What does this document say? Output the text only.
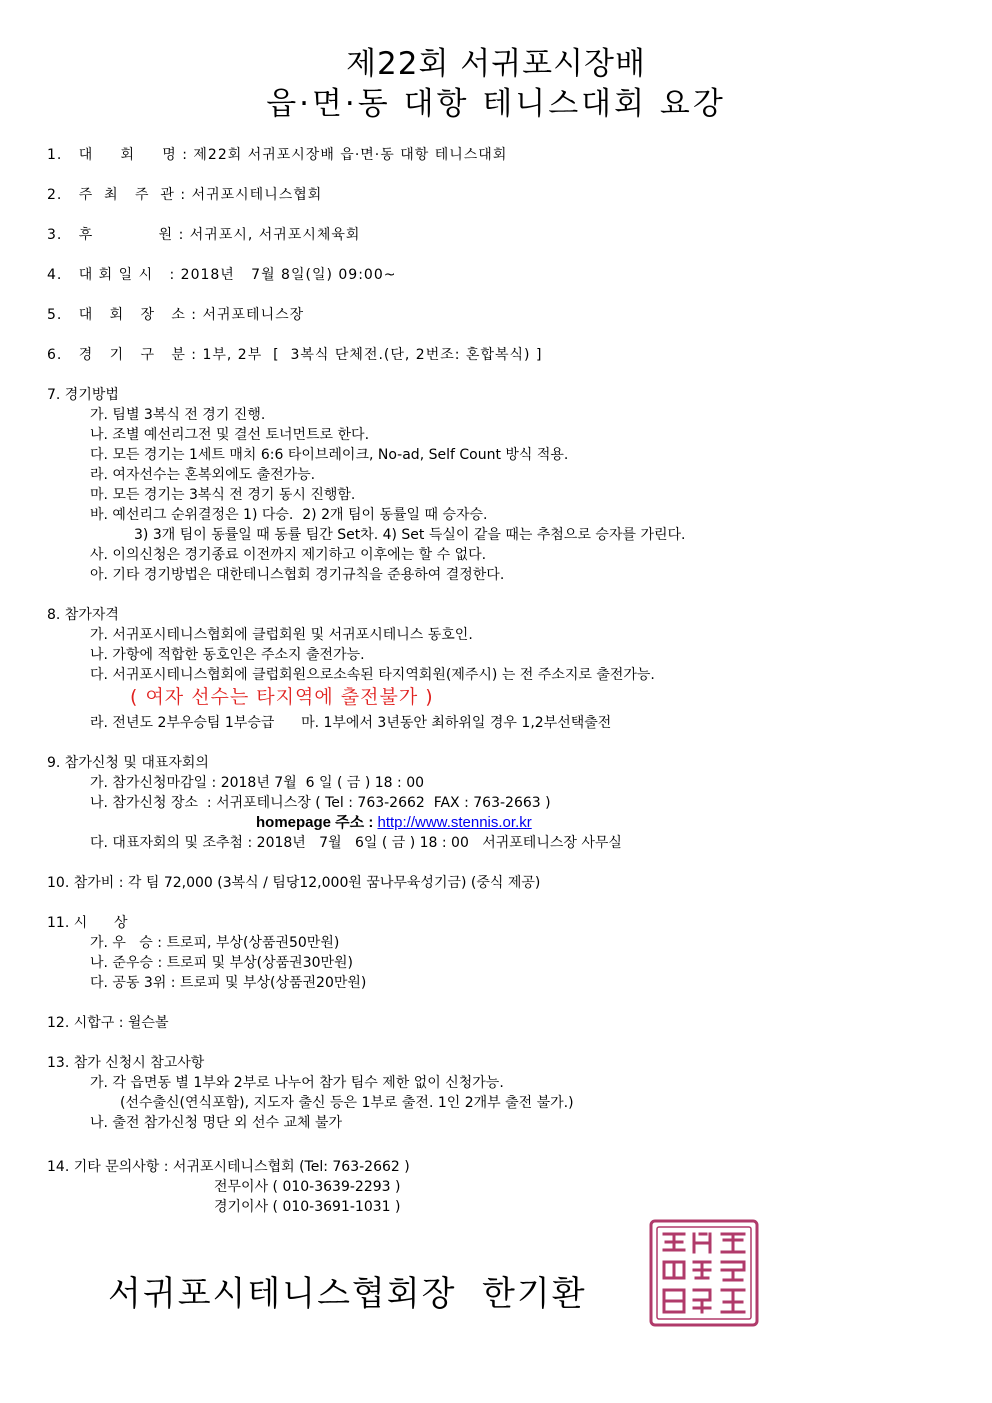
제22회 서귀포시장배
읍·면·동 대항 테니스대회 요강
1.   대     회     명 : 제22회 서귀포시장배 읍·면·동 대항 테니스대회
2.   주  최   주  관 : 서귀포시테니스협회
3.   후            원 : 서귀포시, 서귀포시체육회
4.   대 회 일 시   : 2018년   7월 8일(일) 09:00~
5.   대   회   장   소 : 서귀포테니스장
6.   경   기   구   분 : 1부, 2부  [  3복식 단체전.(단, 2번조: 혼합복식) ]
7. 경기방법
가. 팀별 3복식 전 경기 진행.
나. 조별 예선리그전 및 결선 토너먼트로 한다.
다. 모든 경기는 1세트 매치 6:6 타이브레이크, No-ad, Self Count 방식 적용.
라. 여자선수는 혼복외에도 출전가능.
마. 모든 경기는 3복식 전 경기 동시 진행함.
바. 예선리그 순위결정은 1) 다승.  2) 2개 팀이 동률일 때 승자승.
3) 3개 팀이 동률일 때 동률 팀간 Set차. 4) Set 득실이 같을 때는 추첨으로 승자를 가린다.
사. 이의신청은 경기종료 이전까지 제기하고 이후에는 할 수 없다.
아. 기타 경기방법은 대한테니스협회 경기규칙을 준용하여 결정한다.
8. 참가자격
가. 서귀포시테니스협회에 클럽회원 및 서귀포시테니스 동호인.
나. 가항에 적합한 동호인은 주소지 출전가능.
다. 서귀포시테니스협회에 클럽회원으로소속된 타지역회원(제주시) 는 전 주소지로 출전가능.
( 여자 선수는 타지역에 출전불가 )
라. 전년도 2부우승팀 1부승급      마. 1부에서 3년동안 최하위일 경우 1,2부선택출전
9. 참가신청 및 대표자회의
가. 참가신청마감일 : 2018년 7월  6 일 ( 금 ) 18 : 00
나. 참가신청 장소  : 서귀포테니스장 ( Tel : 763-2662  FAX : 763-2663 )
homepage 주소 : http://www.stennis.or.kr
다. 대표자회의 및 조추첨 : 2018년   7월   6일 ( 금 ) 18 : 00   서귀포테니스장 사무실
10. 참가비 : 각 팀 72,000 (3복식 / 팀당12,000원 꿈나무육성기금) (중식 제공)
11. 시      상
가. 우   승 : 트로피, 부상(상품권50만원)
나. 준우승 : 트로피 및 부상(상품권30만원)
다. 공동 3위 : 트로피 및 부상(상품권20만원)
12. 시합구 : 윌슨볼
13. 참가 신청시 참고사항
가. 각 읍면동 별 1부와 2부로 나누어 참가 팀수 제한 없이 신청가능.
(선수출신(연식포함), 지도자 출신 등은 1부로 출전. 1인 2개부 출전 불가.)
나. 출전 참가신청 명단 외 선수 교체 불가
14. 기타 문의사항 : 서귀포시테니스협회 (Tel: 763-2662 )
전무이사 ( 010-3639-2293 )
경기이사 ( 010-3691-1031 )
서귀포시테니스협회장  한기환
